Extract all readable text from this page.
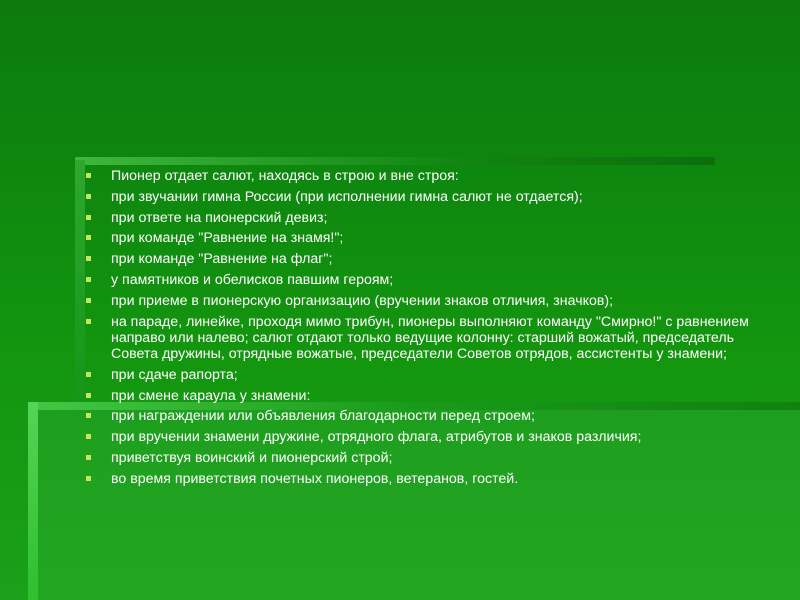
Пионер отдает салют, находясь в строю и вне строя:
при звучании гимна России (при исполнении гимна салют не отдается);
при ответе на пионерский девиз;
при команде "Равнение на знамя!";
при команде "Равнение на флаг";
у памятников и обелисков павшим героям;
при приеме в пионерскую организацию (вручении знаков отличия, значков);
на параде, линейке, проходя мимо трибун, пионеры выполняют команду "Смирно!" с равнением направо или налево; салют отдают только ведущие колонну: старший вожатый, председатель Совета дружины, отрядные вожатые, председатели Советов отрядов, ассистенты у знамени;
при сдаче рапорта;
при смене караула у знамени:
при награждении или объявления благодарности перед строем;
при вручении знамени дружине, отрядного флага, атрибутов и знаков различия;
приветствуя воинский и пионерский строй;
во время приветствия почетных пионеров, ветеранов, гостей.
